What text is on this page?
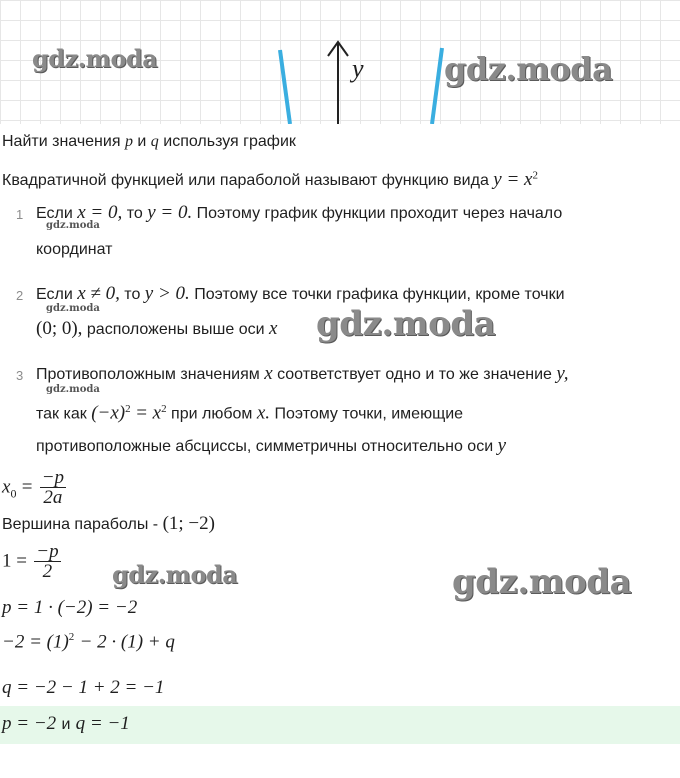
y
gdz.moda	gdz.moda
Найти значения p и q используя график
Квадратичной функцией или параболой называют функцию вида $y = x^2$
1 Если x = 0, то y = 0. Поэтому график функции проходит через начало
gdz.moda
координат
2 Если x ≠ 0, то y > 0. Поэтому все точки графика функции, кроме точки
gdz.moda
(0; 0), расположены выше оси x gdz.moda
3 Противоположным значениям x соответствует одно и то же значение y,
gdz.moda
так как $(-x)^2 = x^2$ при любом x. Поэтому точки, имеющие
противоположные абсциссы, симметричны относительно оси y
$x_0 = \frac{-p}{2a}$
Вершина параболы - (1; −2)
$1 = \frac{-p}{2}$ gdz.moda	gdz.moda
p = 1 · (−2) = −2
$-2 = (1)^2 - 2 \cdot (1) + q$
q = −2 − 1 + 2 = −1
p = −2 и q = −1
